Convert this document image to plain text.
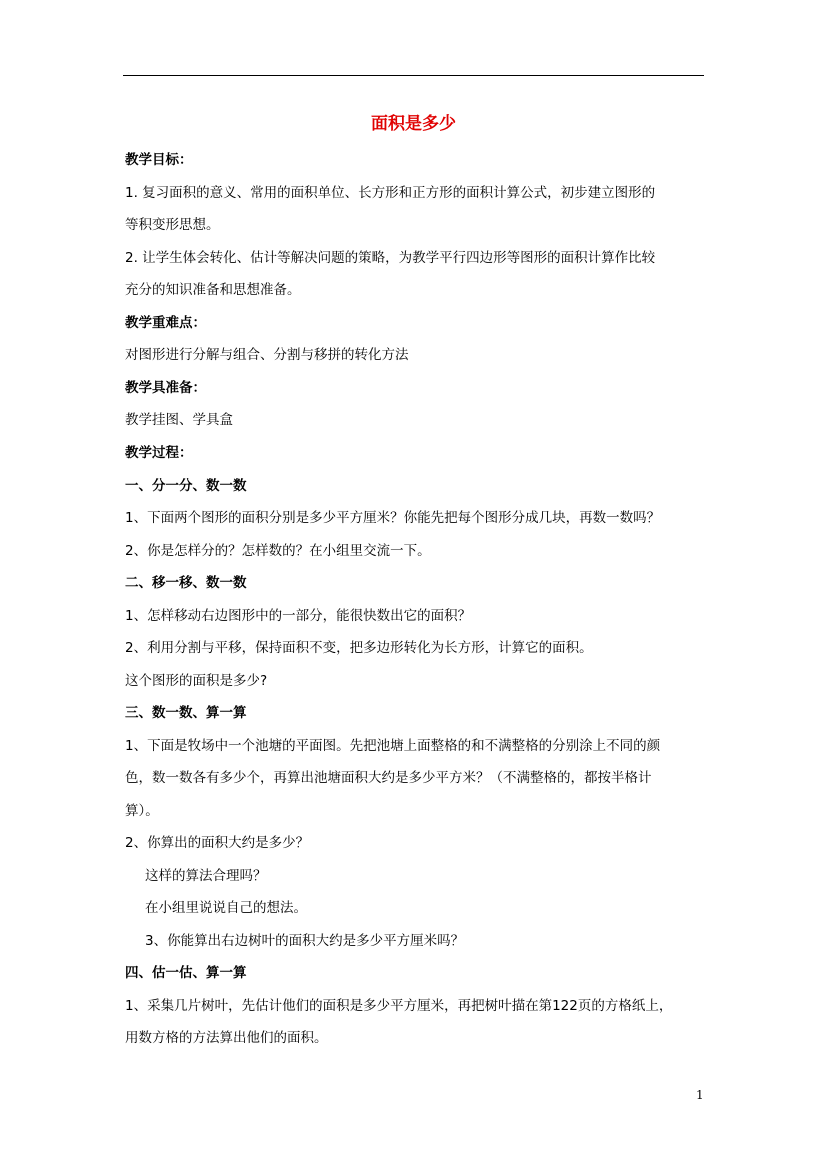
面积是多少
教学目标：
1. 复习面积的意义、常用的面积单位、长方形和正方形的面积计算公式，初步建立图形的
等积变形思想。
2. 让学生体会转化、估计等解决问题的策略，为教学平行四边形等图形的面积计算作比较
充分的知识准备和思想准备。
教学重难点：
对图形进行分解与组合、分割与移拼的转化方法
教学具准备：
教学挂图、学具盒
教学过程：
一、分一分、数一数
1、下面两个图形的面积分别是多少平方厘米？你能先把每个图形分成几块，再数一数吗？
2、你是怎样分的？怎样数的？在小组里交流一下。
二、移一移、数一数
1、怎样移动右边图形中的一部分，能很快数出它的面积？
2、利用分割与平移，保持面积不变，把多边形转化为长方形，计算它的面积。
这个图形的面积是多少?
三、数一数、算一算
1、下面是牧场中一个池塘的平面图。先把池塘上面整格的和不满整格的分别涂上不同的颜
色，数一数各有多少个，再算出池塘面积大约是多少平方米？（不满整格的，都按半格计
算）。
2、你算出的面积大约是多少？
这样的算法合理吗？
在小组里说说自己的想法。
3、你能算出右边树叶的面积大约是多少平方厘米吗？
四、估一估、算一算
1、采集几片树叶，先估计他们的面积是多少平方厘米，再把树叶描在第122页的方格纸上，
用数方格的方法算出他们的面积。
1
